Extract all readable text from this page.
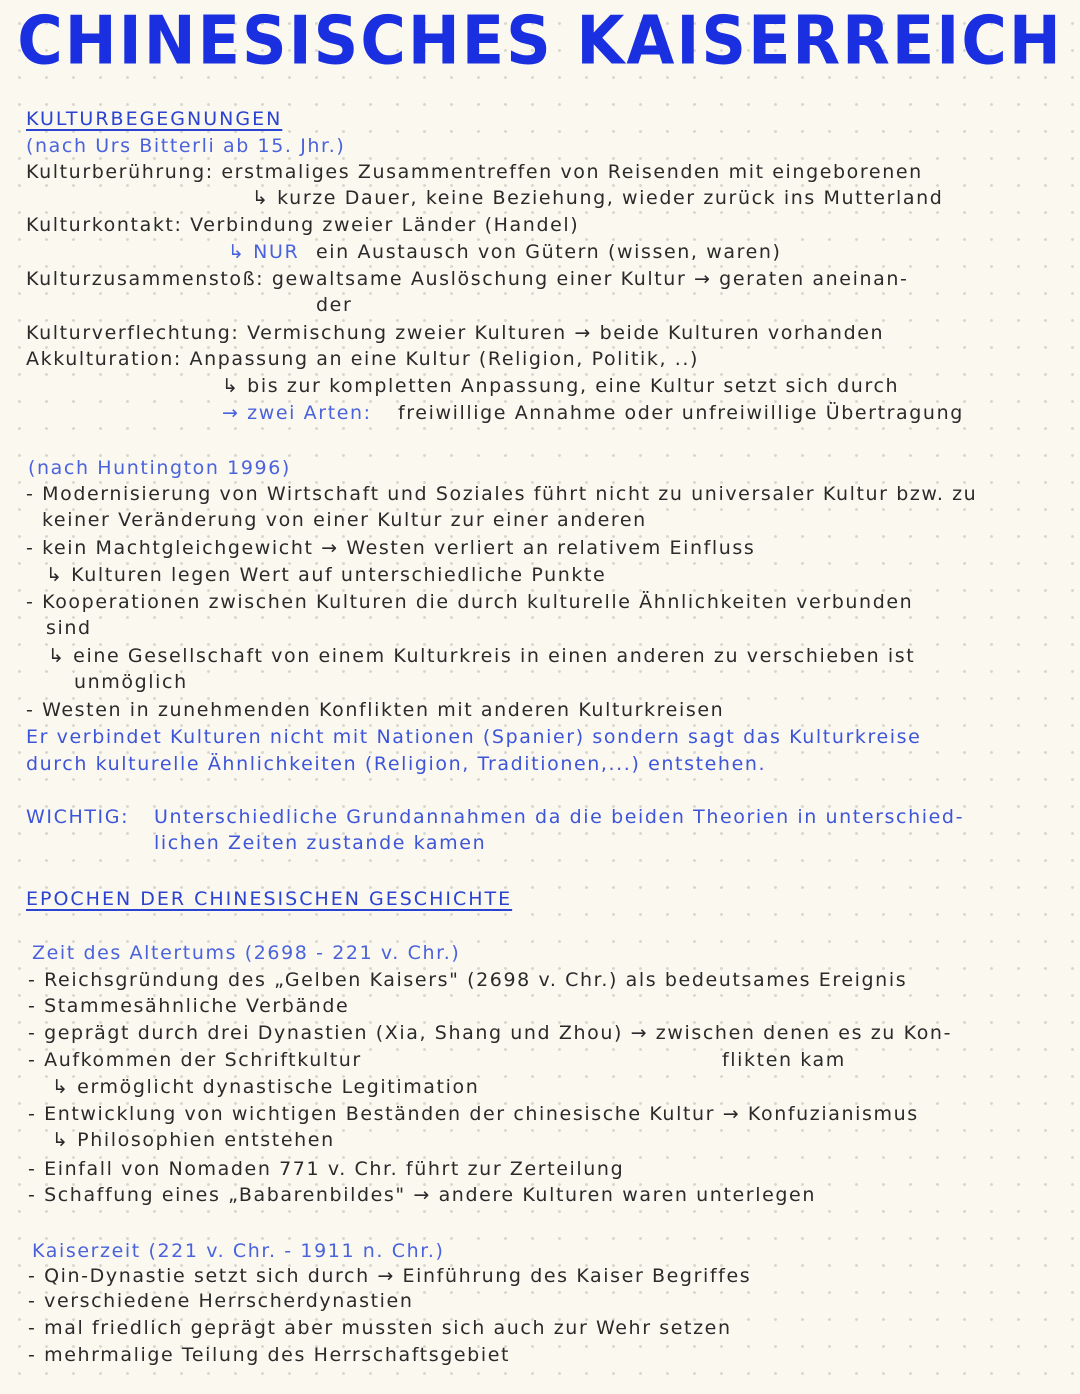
CHINESISCHES KAISERREICH
KULTURBEGEGNUNGEN
(nach Urs Bitterli ab 15. Jhr.)
Kulturberührung: erstmaliges Zusammentreffen von Reisenden mit eingeborenen
↳ kurze Dauer, keine Beziehung, wieder zurück ins Mutterland
Kulturkontakt: Verbindung zweier Länder (Handel)
↳ NUR ein Austausch von Gütern (wissen, waren)
Kulturzusammenstoß: gewaltsame Auslöschung einer Kultur → geraten aneinan-
der
Kulturverflechtung: Vermischung zweier Kulturen → beide Kulturen vorhanden
Akkulturation: Anpassung an eine Kultur (Religion, Politik, ..)
↳ bis zur kompletten Anpassung, eine Kultur setzt sich durch
→ zwei Arten: freiwillige Annahme oder unfreiwillige Übertragung
(nach Huntington 1996)
- Modernisierung von Wirtschaft und Soziales führt nicht zu universaler Kultur bzw. zu
keiner Veränderung von einer Kultur zur einer anderen
- kein Machtgleichgewicht → Westen verliert an relativem Einfluss
↳ Kulturen legen Wert auf unterschiedliche Punkte
- Kooperationen zwischen Kulturen die durch kulturelle Ähnlichkeiten verbunden
sind
↳ eine Gesellschaft von einem Kulturkreis in einen anderen zu verschieben ist
unmöglich
- Westen in zunehmenden Konflikten mit anderen Kulturkreisen
Er verbindet Kulturen nicht mit Nationen (Spanier) sondern sagt das Kulturkreise
durch kulturelle Ähnlichkeiten (Religion, Traditionen,...) entstehen.
WICHTIG: Unterschiedliche Grundannahmen da die beiden Theorien in unterschied-
lichen Zeiten zustande kamen
EPOCHEN DER CHINESISCHEN GESCHICHTE
Zeit des Altertums (2698 - 221 v. Chr.)
- Reichsgründung des „Gelben Kaisers" (2698 v. Chr.) als bedeutsames Ereignis
- Stammesähnliche Verbände
- geprägt durch drei Dynastien (Xia, Shang und Zhou) → zwischen denen es zu Kon-
- Aufkommen der Schriftkultur	flikten kam
↳ ermöglicht dynastische Legitimation
- Entwicklung von wichtigen Beständen der chinesische Kultur → Konfuzianismus
↳ Philosophien entstehen
- Einfall von Nomaden 771 v. Chr. führt zur Zerteilung
- Schaffung eines „Babarenbildes" → andere Kulturen waren unterlegen
Kaiserzeit (221 v. Chr. - 1911 n. Chr.)
- Qin-Dynastie setzt sich durch → Einführung des Kaiser Begriffes
- verschiedene Herrscherdynastien
- mal friedlich geprägt aber mussten sich auch zur Wehr setzen
- mehrmalige Teilung des Herrschaftsgebiet
